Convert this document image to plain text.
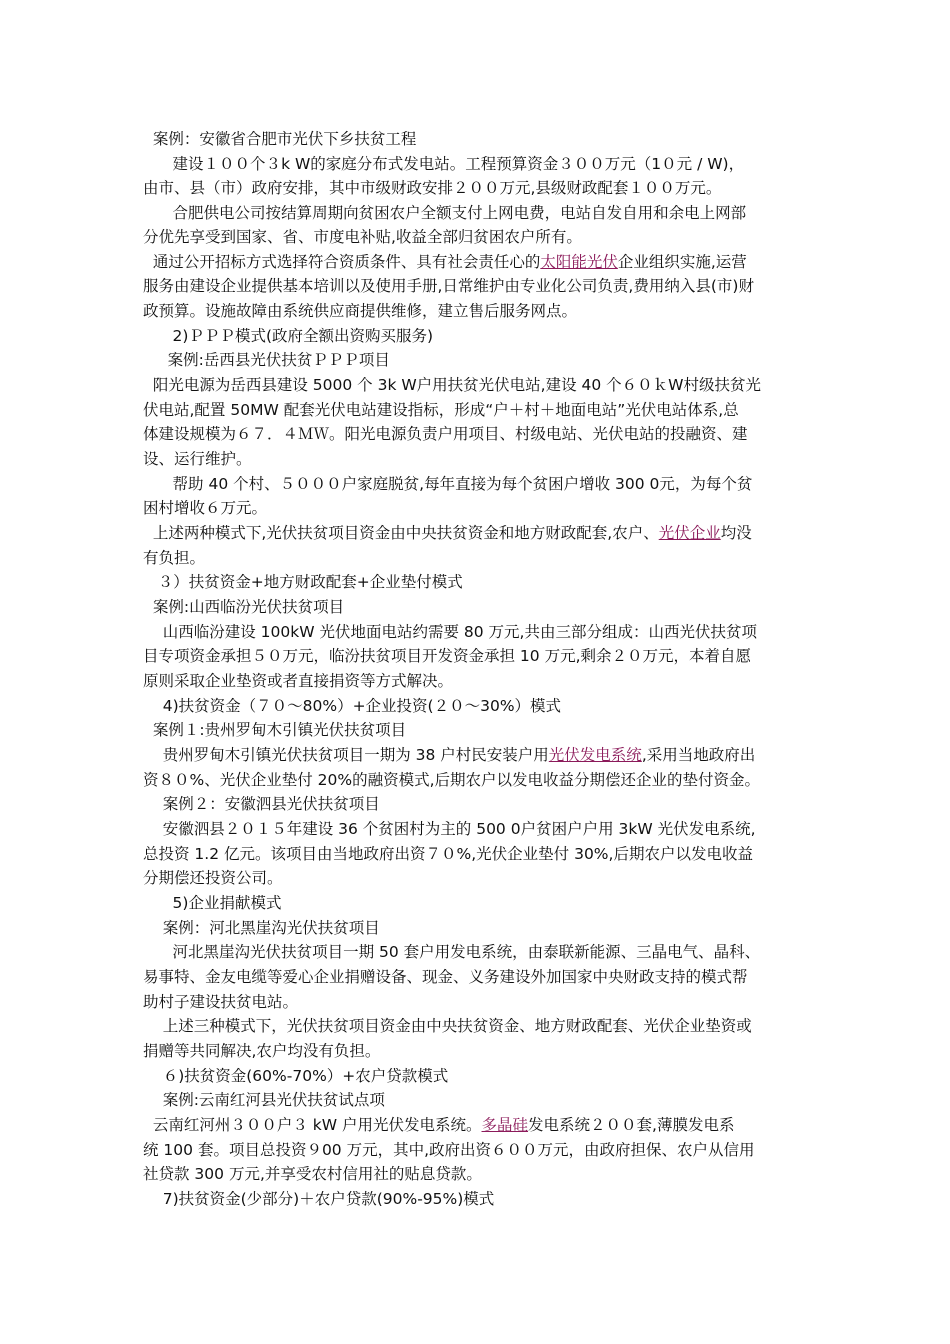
案例：安徽省合肥市光伏下乡扶贫工程
建设１００个３k W的家庭分布式发电站。工程预算资金３００万元（1０元 / W)，
由市、县（市）政府安排，其中市级财政安排２００万元,县级财政配套１００万元。
合肥供电公司按结算周期向贫困农户全额支付上网电费，电站自发自用和余电上网部
分优先享受到国家、省、市度电补贴,收益全部归贫困农户所有。
通过公开招标方式选择符合资质条件、具有社会责任心的太阳能光伏企业组织实施,运营
服务由建设企业提供基本培训以及使用手册,日常维护由专业化公司负责,费用纳入县(市)财
政预算。设施故障由系统供应商提供维修，建立售后服务网点。
2)ＰＰＰ模式(政府全额出资购买服务)
案例:岳西县光伏扶贫ＰＰＰ项目
阳光电源为岳西县建设 5000 个 3k W户用扶贫光伏电站,建设 40 个６０ｋW村级扶贫光
伏电站,配置 50MW 配套光伏电站建设指标，形成“户＋村＋地面电站”光伏电站体系,总
体建设规模为６７．４ＭＷ。阳光电源负责户用项目、村级电站、光伏电站的投融资、建
设、运行维护。
帮助 40 个村、５０００户家庭脱贫,每年直接为每个贫困户增收 300 0元，为每个贫
困村增收６万元。
上述两种模式下,光伏扶贫项目资金由中央扶贫资金和地方财政配套,农户、光伏企业均没
有负担。
３）扶贫资金+地方财政配套+企业垫付模式
案例:山西临汾光伏扶贫项目
山西临汾建设 100kW 光伏地面电站约需要 80 万元,共由三部分组成：山西光伏扶贫项
目专项资金承担５０万元，临汾扶贫项目开发资金承担 10 万元,剩余２０万元，本着自愿
原则采取企业垫资或者直接捐资等方式解决。
4)扶贫资金（７０～80%）+企业投资(２０～30%）模式
案例１:贵州罗甸木引镇光伏扶贫项目
贵州罗甸木引镇光伏扶贫项目一期为 38 户村民安装户用光伏发电系统,采用当地政府出
资８０%、光伏企业垫付 20%的融资模式,后期农户以发电收益分期偿还企业的垫付资金。
案例２：安徽泗县光伏扶贫项目
安徽泗县２０１５年建设 36 个贫困村为主的 500 0户贫困户户用 3kW 光伏发电系统,
总投资 1.2 亿元。该项目由当地政府出资７０%,光伏企业垫付 30%,后期农户以发电收益
分期偿还投资公司。
5)企业捐献模式
案例：河北黑崖沟光伏扶贫项目
河北黑崖沟光伏扶贫项目一期 50 套户用发电系统，由泰联新能源、三晶电气、晶科、
易事特、金友电缆等爱心企业捐赠设备、现金、义务建设外加国家中央财政支持的模式帮
助村子建设扶贫电站。
上述三种模式下，光伏扶贫项目资金由中央扶贫资金、地方财政配套、光伏企业垫资或
捐赠等共同解决,农户均没有负担。
６)扶贫资金(60%-70%）+农户贷款模式
案例:云南红河县光伏扶贫试点项
云南红河州３００户３ kW 户用光伏发电系统。多晶硅发电系统２００套,薄膜发电系
统 100 套。项目总投资９00 万元，其中,政府出资６００万元，由政府担保、农户从信用
社贷款 300 万元,并享受农村信用社的贴息贷款。
7)扶贫资金(少部分)＋农户贷款(90%-95%)模式
